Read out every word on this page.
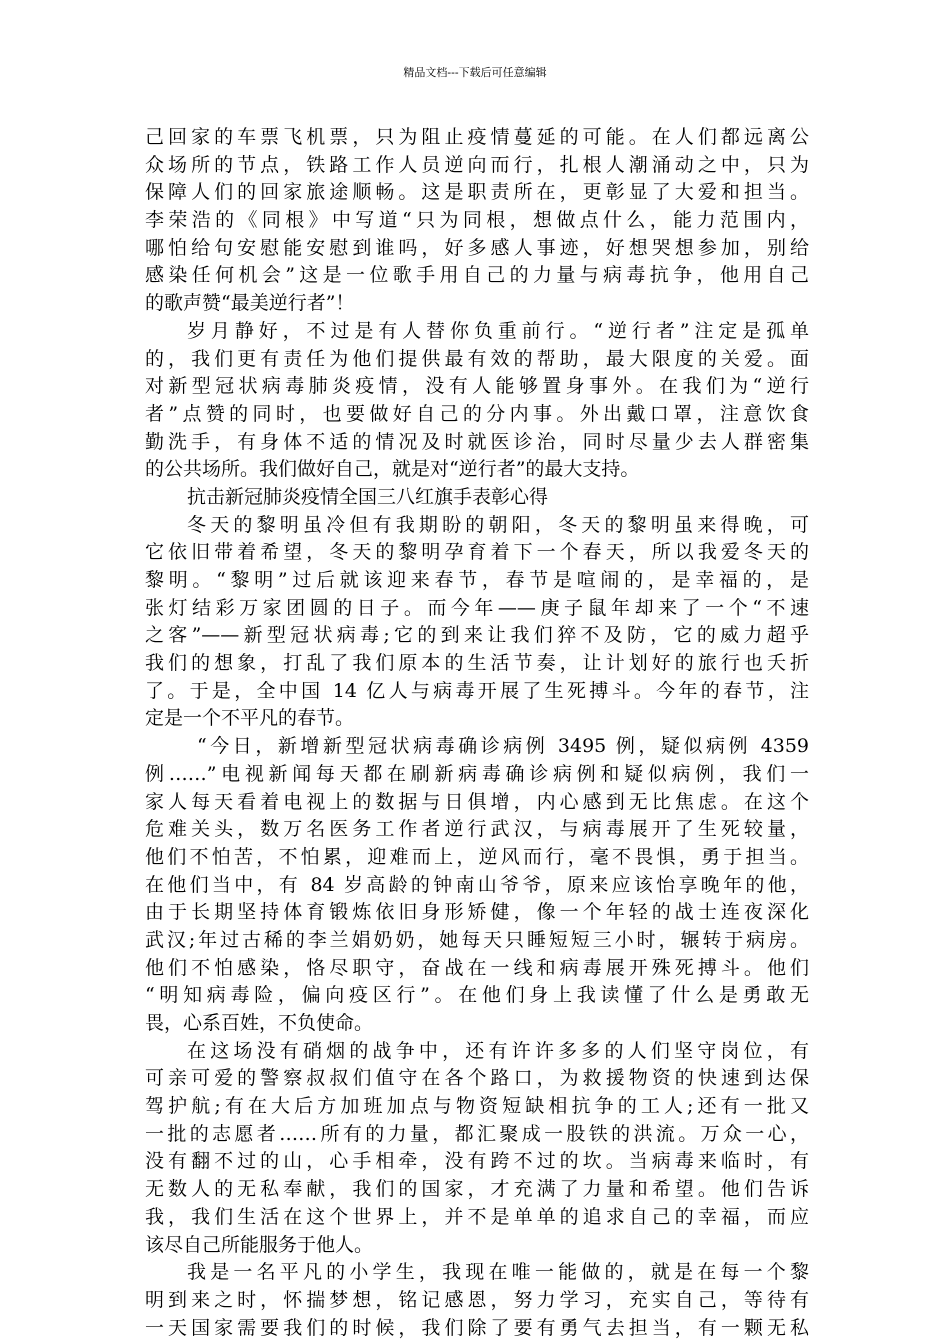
精品文档---下载后可任意编辑
己回家的车票飞机票，只为阻止疫情蔓延的可能。在人们都远离公
众场所的节点，铁路工作人员逆向而行，扎根人潮涌动之中，只为
保障人们的回家旅途顺畅。这是职责所在，更彰显了大爱和担当。
李荣浩的《同根》中写道“只为同根，想做点什么，能力范围内，
哪怕给句安慰能安慰到谁吗，好多感人事迹，好想哭想参加，别给
感染任何机会”这是一位歌手用自己的力量与病毒抗争，他用自己
的歌声赞“最美逆行者”！
岁月静好，不过是有人替你负重前行。“逆行者”注定是孤单
的，我们更有责任为他们提供最有效的帮助，最大限度的关爱。面
对新型冠状病毒肺炎疫情，没有人能够置身事外。在我们为“逆行
者”点赞的同时，也要做好自己的分内事。外出戴口罩，注意饮食
勤洗手，有身体不适的情况及时就医诊治，同时尽量少去人群密集
的公共场所。我们做好自己，就是对“逆行者”的最大支持。
抗击新冠肺炎疫情全国三八红旗手表彰心得
冬天的黎明虽冷但有我期盼的朝阳，冬天的黎明虽来得晚，可
它依旧带着希望，冬天的黎明孕育着下一个春天，所以我爱冬天的
黎明。“黎明”过后就该迎来春节，春节是喧闹的，是幸福的，是
张灯结彩万家团圆的日子。而今年——庚子鼠年却来了一个“不速
之客”——新型冠状病毒;它的到来让我们猝不及防，它的威力超乎
我们的想象，打乱了我们原本的生活节奏，让计划好的旅行也夭折
了。于是，全中国 14 亿人与病毒开展了生死搏斗。今年的春节，注
定是一个不平凡的春节。
“今日，新增新型冠状病毒确诊病例 3495 例，疑似病例 4359
例……”电视新闻每天都在刷新病毒确诊病例和疑似病例，我们一
家人每天看着电视上的数据与日俱增，内心感到无比焦虑。在这个
危难关头，数万名医务工作者逆行武汉，与病毒展开了生死较量，
他们不怕苦，不怕累，迎难而上，逆风而行，毫不畏惧，勇于担当。
在他们当中，有 84 岁高龄的钟南山爷爷，原来应该怡享晚年的他，
由于长期坚持体育锻炼依旧身形矫健，像一个年轻的战士连夜深化
武汉;年过古稀的李兰娟奶奶，她每天只睡短短三小时，辗转于病房。
他们不怕感染，恪尽职守，奋战在一线和病毒展开殊死搏斗。他们
“明知病毒险，偏向疫区行”。在他们身上我读懂了什么是勇敢无
畏，心系百姓，不负使命。
在这场没有硝烟的战争中，还有许许多多的人们坚守岗位，有
可亲可爱的警察叔叔们值守在各个路口，为救援物资的快速到达保
驾护航;有在大后方加班加点与物资短缺相抗争的工人;还有一批又
一批的志愿者……所有的力量，都汇聚成一股铁的洪流。万众一心，
没有翻不过的山，心手相牵，没有跨不过的坎。当病毒来临时，有
无数人的无私奉献，我们的国家，才充满了力量和希望。他们告诉
我，我们生活在这个世界上，并不是单单的追求自己的幸福，而应
该尽自己所能服务于他人。
我是一名平凡的小学生，我现在唯一能做的，就是在每一个黎
明到来之时，怀揣梦想，铭记感恩，努力学习，充实自己，等待有
一天国家需要我们的时候，我们除了要有勇气去担当，有一颗无私
